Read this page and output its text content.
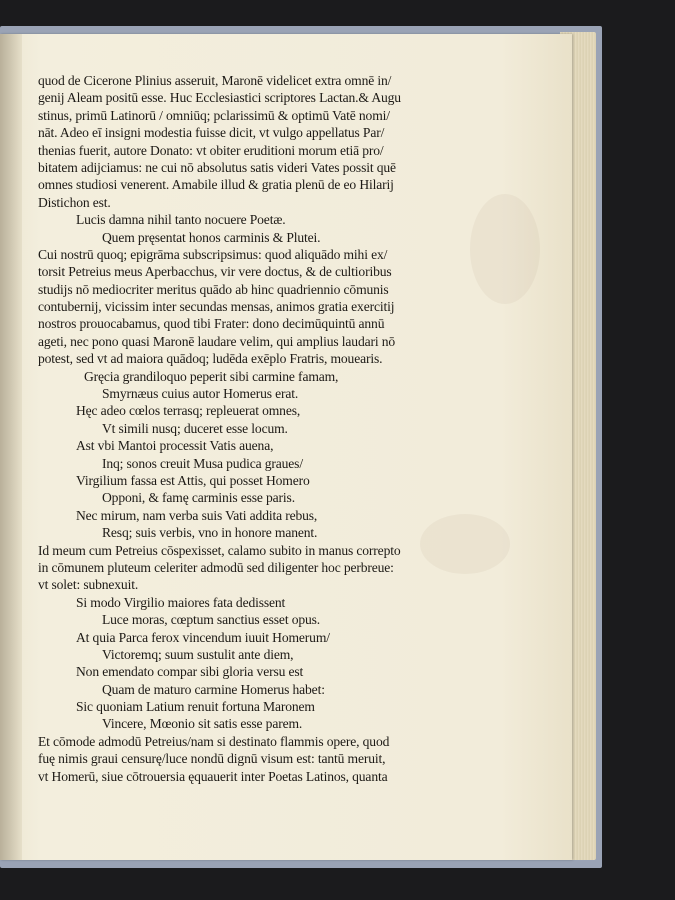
quod de Cicerone Plinius asseruit, Maronē videlicet extra omnē in/
genij Aleam positū esse. Huc Ecclesiastici scriptores Lactan.& Augu
stinus, primū Latinorū / omniūq; pclarissimū & optimū Vatē nomi/
nāt. Adeo eī insigni modestia fuisse dicit, vt vulgo appellatus Par/
thenias fuerit, autore Donato: vt obiter eruditioni morum etiā pro/
bitatem adijciamus: ne cui nō absolutus satis videri Vates possit quē
omnes studiosi venerent. Amabile illud & gratia plenū de eo Hilarij
Distichon est.
Lucis damna nihil tanto nocuere Poetæ.
Quem pręsentat honos carminis & Plutei.
Cui nostrū quoq; epigrāma subscripsimus: quod aliquādo mihi ex/
torsit Petreius meus Aperbacchus, vir vere doctus, & de cultioribus
studijs nō mediocriter meritus quādo ab hinc quadriennio cōmunis
contubernij, vicissim inter secundas mensas, animos gratia exercitij
nostros prouocabamus, quod tibi Frater: dono decimūquintū annū
ageti, nec pono quasi Maronē laudare velim, qui amplius laudari nō
potest, sed vt ad maiora quādoq; ludēda exēplo Fratris, mouearis.
Gręcia grandiloquo peperit sibi carmine famam,
Smyrnæus cuius autor Homerus erat.
Hęc adeo cœlos terrasq; repleuerat omnes,
Vt simili nusq; duceret esse locum.
Ast vbi Mantoi processit Vatis auena,
Inq; sonos creuit Musa pudica graues/
Virgilium fassa est Attis, qui posset Homero
Opponi, & famę carminis esse paris.
Nec mirum, nam verba suis Vati addita rebus,
Resq; suis verbis, vno in honore manent.
Id meum cum Petreius cōspexisset, calamo subito in manus correpto
in cōmunem pluteum celeriter admodū sed diligenter hoc perbreue:
vt solet: subnexuit.
Si modo Virgilio maiores fata dedissent
Luce moras, cœptum sanctius esset opus.
At quia Parca ferox vincendum iuuit Homerum/
Victoremq; suum sustulit ante diem,
Non emendato compar sibi gloria versu est
Quam de maturo carmine Homerus habet:
Sic quoniam Latium renuit fortuna Maronem
Vincere, Mœonio sit satis esse parem.
Et cōmode admodū Petreius/nam si destinato flammis opere, quod
fuę nimis graui censurę/luce nondū dignū visum est: tantū meruit,
vt Homerū, siue cōtrouersia ęquauerit inter Poetas Latinos, quanta
